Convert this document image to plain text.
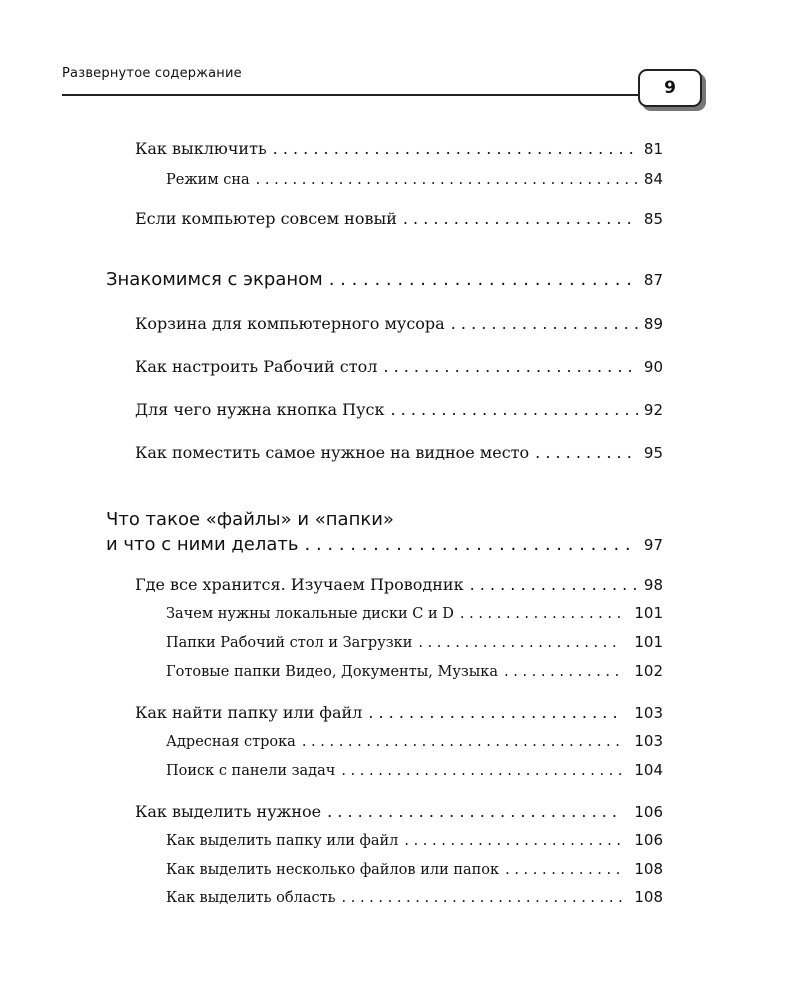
Развернутое содержание
9
Как выключить . . .	81
Режим сна . . .	84
Если компьютер совсем новый . . .	85
Знакомимся с экраном . . .	87
Корзина для компьютерного мусора . . .	89
Как настроить Рабочий стол . . .	90
Для чего нужна кнопка Пуск . . .	92
Как поместить самое нужное на видное место . . .	95
Что такое «файлы» и «папки»
и что с ними делать . . .	97
Где все хранится. Изучаем Проводник . . .	98
Зачем нужны локальные диски C и D . . .	101
Папки Рабочий стол и Загрузки . . .	101
Готовые папки Видео, Документы, Музыка . . .	102
Как найти папку или файл . . .	103
Адресная строка . . .	103
Поиск с панели задач . . .	104
Как выделить нужное . . .	106
Как выделить папку или файл . . .	106
Как выделить несколько файлов или папок . . .	108
Как выделить область . . .	108
